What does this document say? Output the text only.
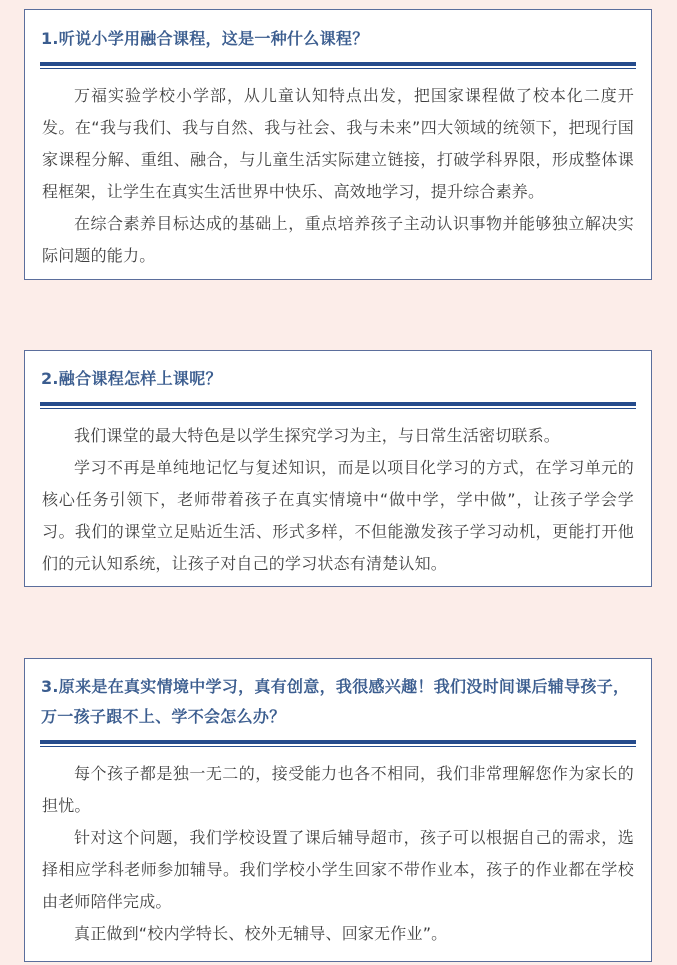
1.听说小学用融合课程，这是一种什么课程？

万福实验学校小学部，从儿童认知特点出发，把国家课程做了校本化二度开发。在“我与我们、我与自然、我与社会、我与未来”四大领域的统领下，把现行国家课程分解、重组、融合，与儿童生活实际建立链接，打破学科界限，形成整体课程框架，让学生在真实生活世界中快乐、高效地学习，提升综合素养。

在综合素养目标达成的基础上，重点培养孩子主动认识事物并能够独立解决实际问题的能力。

2.融合课程怎样上课呢？

我们课堂的最大特色是以学生探究学习为主，与日常生活密切联系。

学习不再是单纯地记忆与复述知识，而是以项目化学习的方式，在学习单元的核心任务引领下，老师带着孩子在真实情境中“做中学，学中做”，让孩子学会学习。我们的课堂立足贴近生活、形式多样，不但能激发孩子学习动机，更能打开他们的元认知系统，让孩子对自己的学习状态有清楚认知。

3.原来是在真实情境中学习，真有创意，我很感兴趣！我们没时间课后辅导孩子，万一孩子跟不上、学不会怎么办？

每个孩子都是独一无二的，接受能力也各不相同，我们非常理解您作为家长的担忧。

针对这个问题，我们学校设置了课后辅导超市，孩子可以根据自己的需求，选择相应学科老师参加辅导。我们学校小学生回家不带作业本，孩子的作业都在学校由老师陪伴完成。

真正做到“校内学特长、校外无辅导、回家无作业”。
